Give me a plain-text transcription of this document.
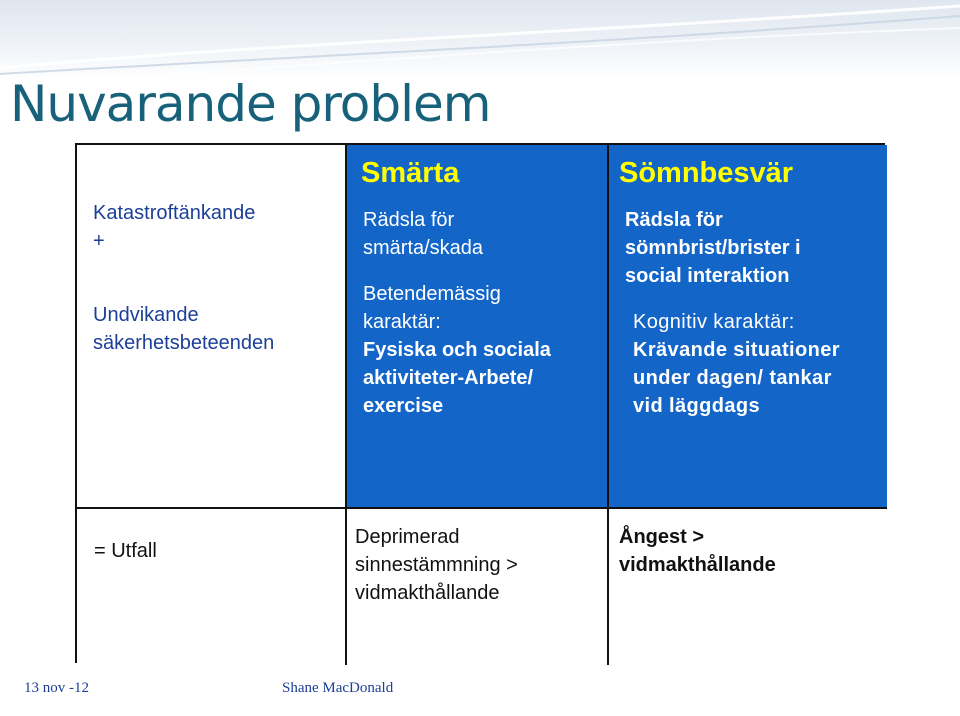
Nuvarande problem
Katastroftänkande
+
Undvikande
säkerhetsbeteenden
Smärta
Rädsla för
smärta/skada
Betendemässig
karaktär:
Fysiska och sociala
aktiviteter-Arbete/
exercise
Sömnbesvär
Rädsla för
sömnbrist/brister i
social interaktion
Kognitiv karaktär:
Krävande situationer
under dagen/ tankar
vid läggdags
= Utfall
Deprimerad
sinnestämmning >
vidmakthållande
Ångest >
vidmakthållande
13 nov -12	Shane MacDonald
